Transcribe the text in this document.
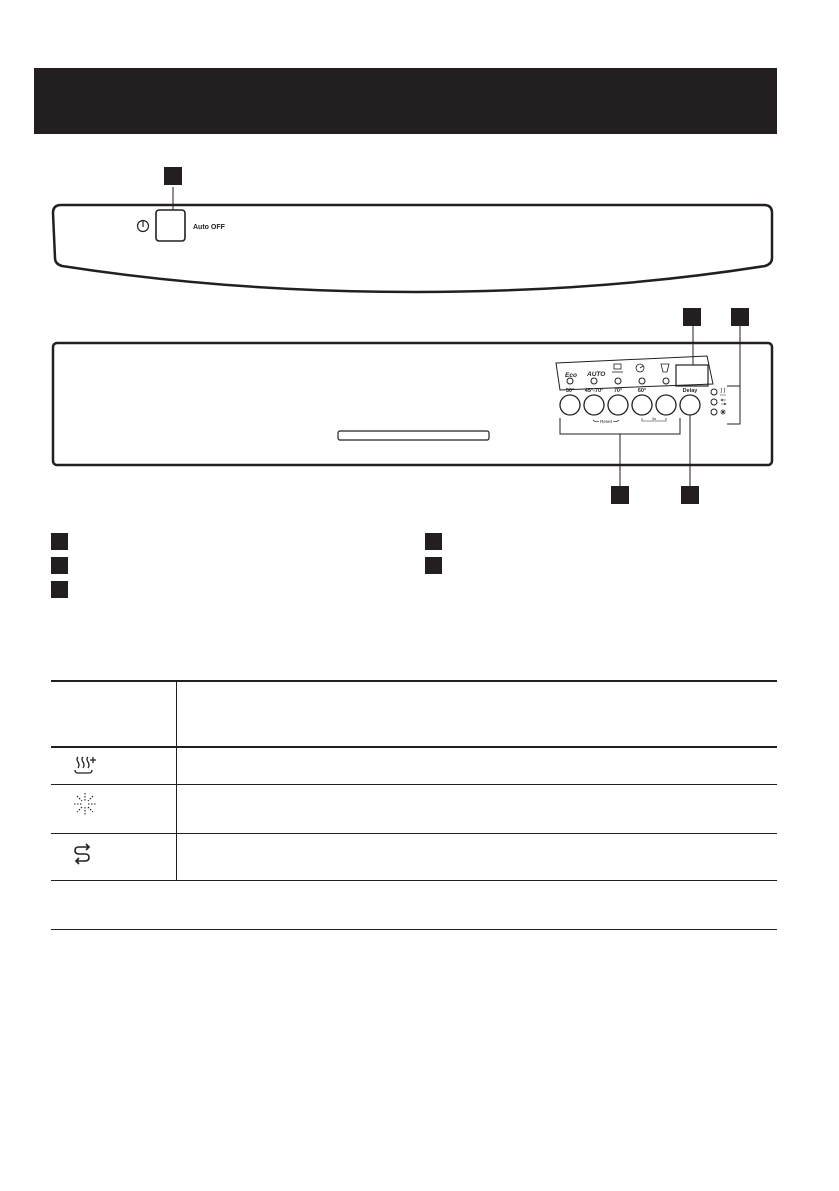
Auto OFF
Eco AUTO
50° 45°-70° 70°	60°	Delay
Reset
3s
